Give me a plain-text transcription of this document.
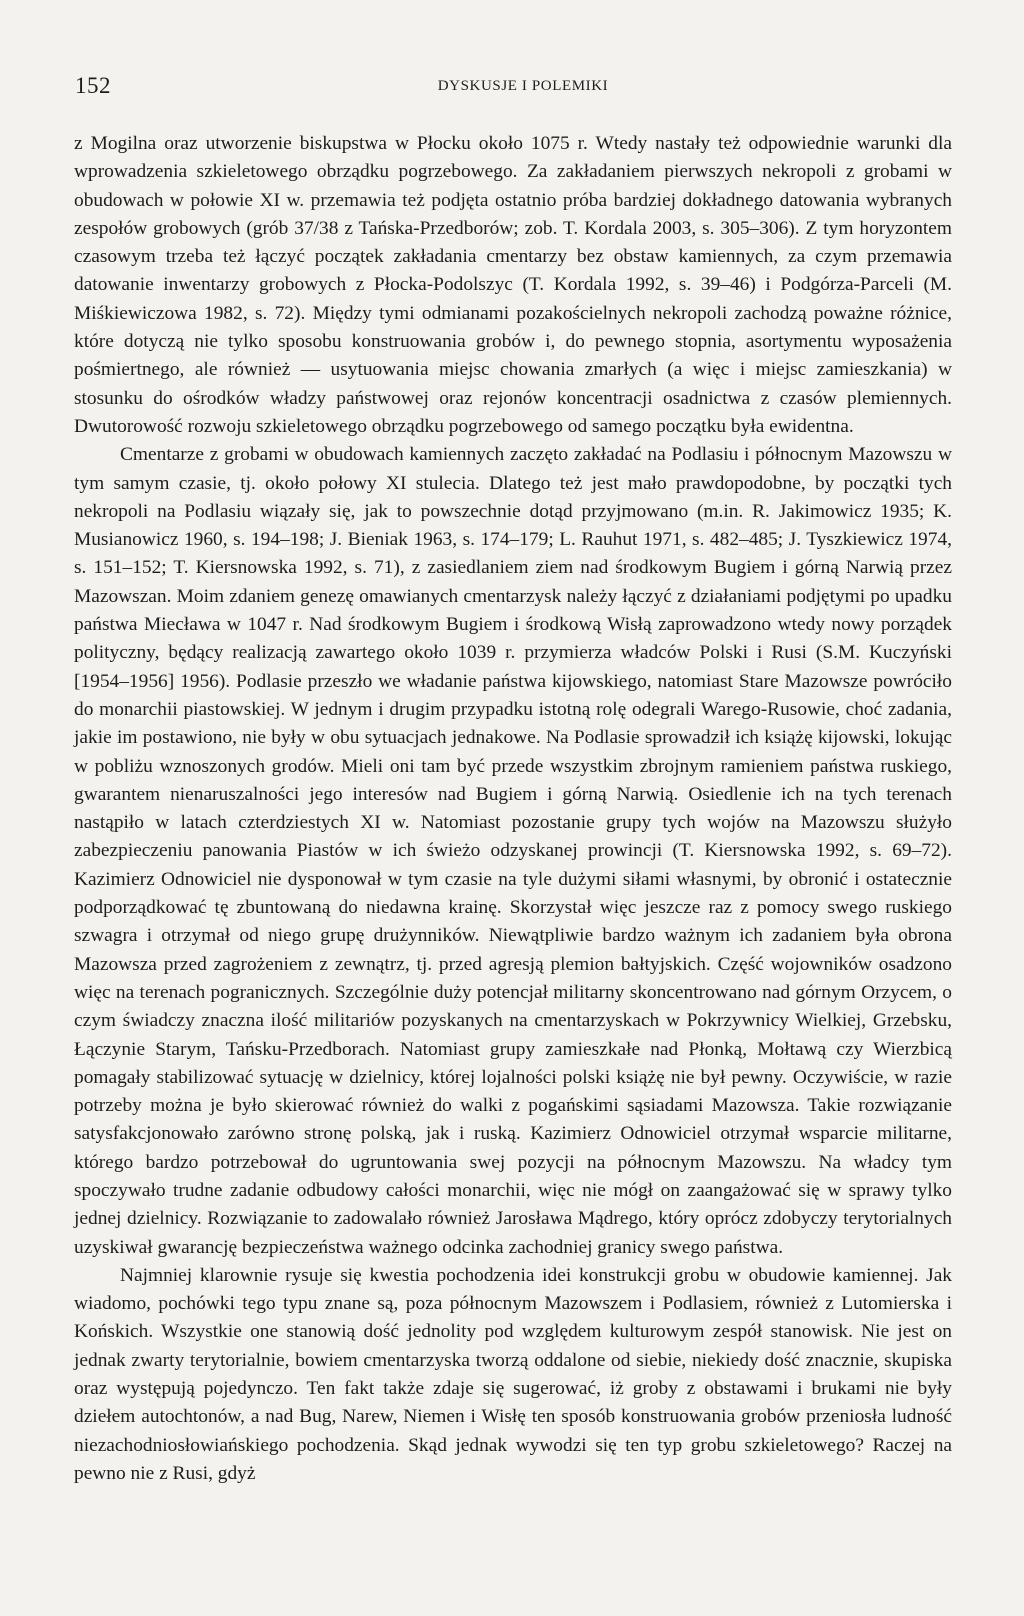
152	DYSKUSJE I POLEMIKI

z Mogilna oraz utworzenie biskupstwa w Płocku około 1075 r. Wtedy nastały też odpowiednie warunki dla wprowadzenia szkieletowego obrządku pogrzebowego. Za zakładaniem pierwszych nekropoli z grobami w obudowach w połowie XI w. przemawia też podjęta ostatnio próba bardziej dokładnego datowania wybranych zespołów grobowych (grób 37/38 z Tańska-Przedborów; zob. T. Kordala 2003, s. 305–306). Z tym horyzontem czasowym trzeba też łączyć początek zakładania cmentarzy bez obstaw kamiennych, za czym przemawia datowanie inwentarzy grobowych z Płocka-Podolszyc (T. Kordala 1992, s. 39–46) i Podgórza-Parceli (M. Miśkiewiczowa 1982, s. 72). Między tymi odmianami pozakościelnych nekropoli zachodzą poważne różnice, które dotyczą nie tylko sposobu konstruowania grobów i, do pewnego stopnia, asortymentu wyposażenia pośmiertnego, ale również — usytuowania miejsc chowania zmarłych (a więc i miejsc zamieszkania) w stosunku do ośrodków władzy państwowej oraz rejonów koncentracji osadnictwa z czasów plemiennych. Dwutorowość rozwoju szkieletowego obrządku pogrzebowego od samego początku była ewidentna.

Cmentarze z grobami w obudowach kamiennych zaczęto zakładać na Podlasiu i północnym Mazowszu w tym samym czasie, tj. około połowy XI stulecia. Dlatego też jest mało prawdopodobne, by początki tych nekropoli na Podlasiu wiązały się, jak to powszechnie dotąd przyjmowano (m.in. R. Jakimowicz 1935; K. Musianowicz 1960, s. 194–198; J. Bieniak 1963, s. 174–179; L. Rauhut 1971, s. 482–485; J. Tyszkiewicz 1974, s. 151–152; T. Kiersnowska 1992, s. 71), z zasiedlaniem ziem nad środkowym Bugiem i górną Narwią przez Mazowszan. Moim zdaniem genezę omawianych cmentarzysk należy łączyć z działaniami podjętymi po upadku państwa Miecława w 1047 r. Nad środkowym Bugiem i środkową Wisłą zaprowadzono wtedy nowy porządek polityczny, będący realizacją zawartego około 1039 r. przymierza władców Polski i Rusi (S.M. Kuczyński [1954–1956] 1956). Podlasie przeszło we władanie państwa kijowskiego, natomiast Stare Mazowsze powróciło do monarchii piastowskiej. W jednym i drugim przypadku istotną rolę odegrali Warego-Rusowie, choć zadania, jakie im postawiono, nie były w obu sytuacjach jednakowe. Na Podlasie sprowadził ich książę kijowski, lokując w pobliżu wznoszonych grodów. Mieli oni tam być przede wszystkim zbrojnym ramieniem państwa ruskiego, gwarantem nienaruszalności jego interesów nad Bugiem i górną Narwią. Osiedlenie ich na tych terenach nastąpiło w latach czterdziestych XI w. Natomiast pozostanie grupy tych wojów na Mazowszu służyło zabezpieczeniu panowania Piastów w ich świeżo odzyskanej prowincji (T. Kiersnowska 1992, s. 69–72). Kazimierz Odnowiciel nie dysponował w tym czasie na tyle dużymi siłami własnymi, by obronić i ostatecznie podporządkować tę zbuntowaną do niedawna krainę. Skorzystał więc jeszcze raz z pomocy swego ruskiego szwagra i otrzymał od niego grupę drużynników. Niewątpliwie bardzo ważnym ich zadaniem była obrona Mazowsza przed zagrożeniem z zewnątrz, tj. przed agresją plemion bałtyjskich. Część wojowników osadzono więc na terenach pogranicznych. Szczególnie duży potencjał militarny skoncentrowano nad górnym Orzycem, o czym świadczy znaczna ilość militariów pozyskanych na cmentarzyskach w Pokrzywnicy Wielkiej, Grzebsku, Łączynie Starym, Tańsku-Przedborach. Natomiast grupy zamieszkałe nad Płonką, Mołtawą czy Wierzbicą pomagały stabilizować sytuację w dzielnicy, której lojalności polski książę nie był pewny. Oczywiście, w razie potrzeby można je było skierować również do walki z pogańskimi sąsiadami Mazowsza. Takie rozwiązanie satysfakcjonowało zarówno stronę polską, jak i ruską. Kazimierz Odnowiciel otrzymał wsparcie militarne, którego bardzo potrzebował do ugruntowania swej pozycji na północnym Mazowszu. Na władcy tym spoczywało trudne zadanie odbudowy całości monarchii, więc nie mógł on zaangażować się w sprawy tylko jednej dzielnicy. Rozwiązanie to zadowalało również Jarosława Mądrego, który oprócz zdobyczy terytorialnych uzyskiwał gwarancję bezpieczeństwa ważnego odcinka zachodniej granicy swego państwa.

Najmniej klarownie rysuje się kwestia pochodzenia idei konstrukcji grobu w obudowie kamiennej. Jak wiadomo, pochówki tego typu znane są, poza północnym Mazowszem i Podlasiem, również z Lutomierska i Końskich. Wszystkie one stanowią dość jednolity pod względem kulturowym zespół stanowisk. Nie jest on jednak zwarty terytorialnie, bowiem cmentarzyska tworzą oddalone od siebie, niekiedy dość znacznie, skupiska oraz występują pojedynczo. Ten fakt także zdaje się sugerować, iż groby z obstawami i brukami nie były dziełem autochtonów, a nad Bug, Narew, Niemen i Wisłę ten sposób konstruowania grobów przeniosła ludność niezachodniosłowiańskiego pochodzenia. Skąd jednak wywodzi się ten typ grobu szkieletowego? Raczej na pewno nie z Rusi, gdyż
